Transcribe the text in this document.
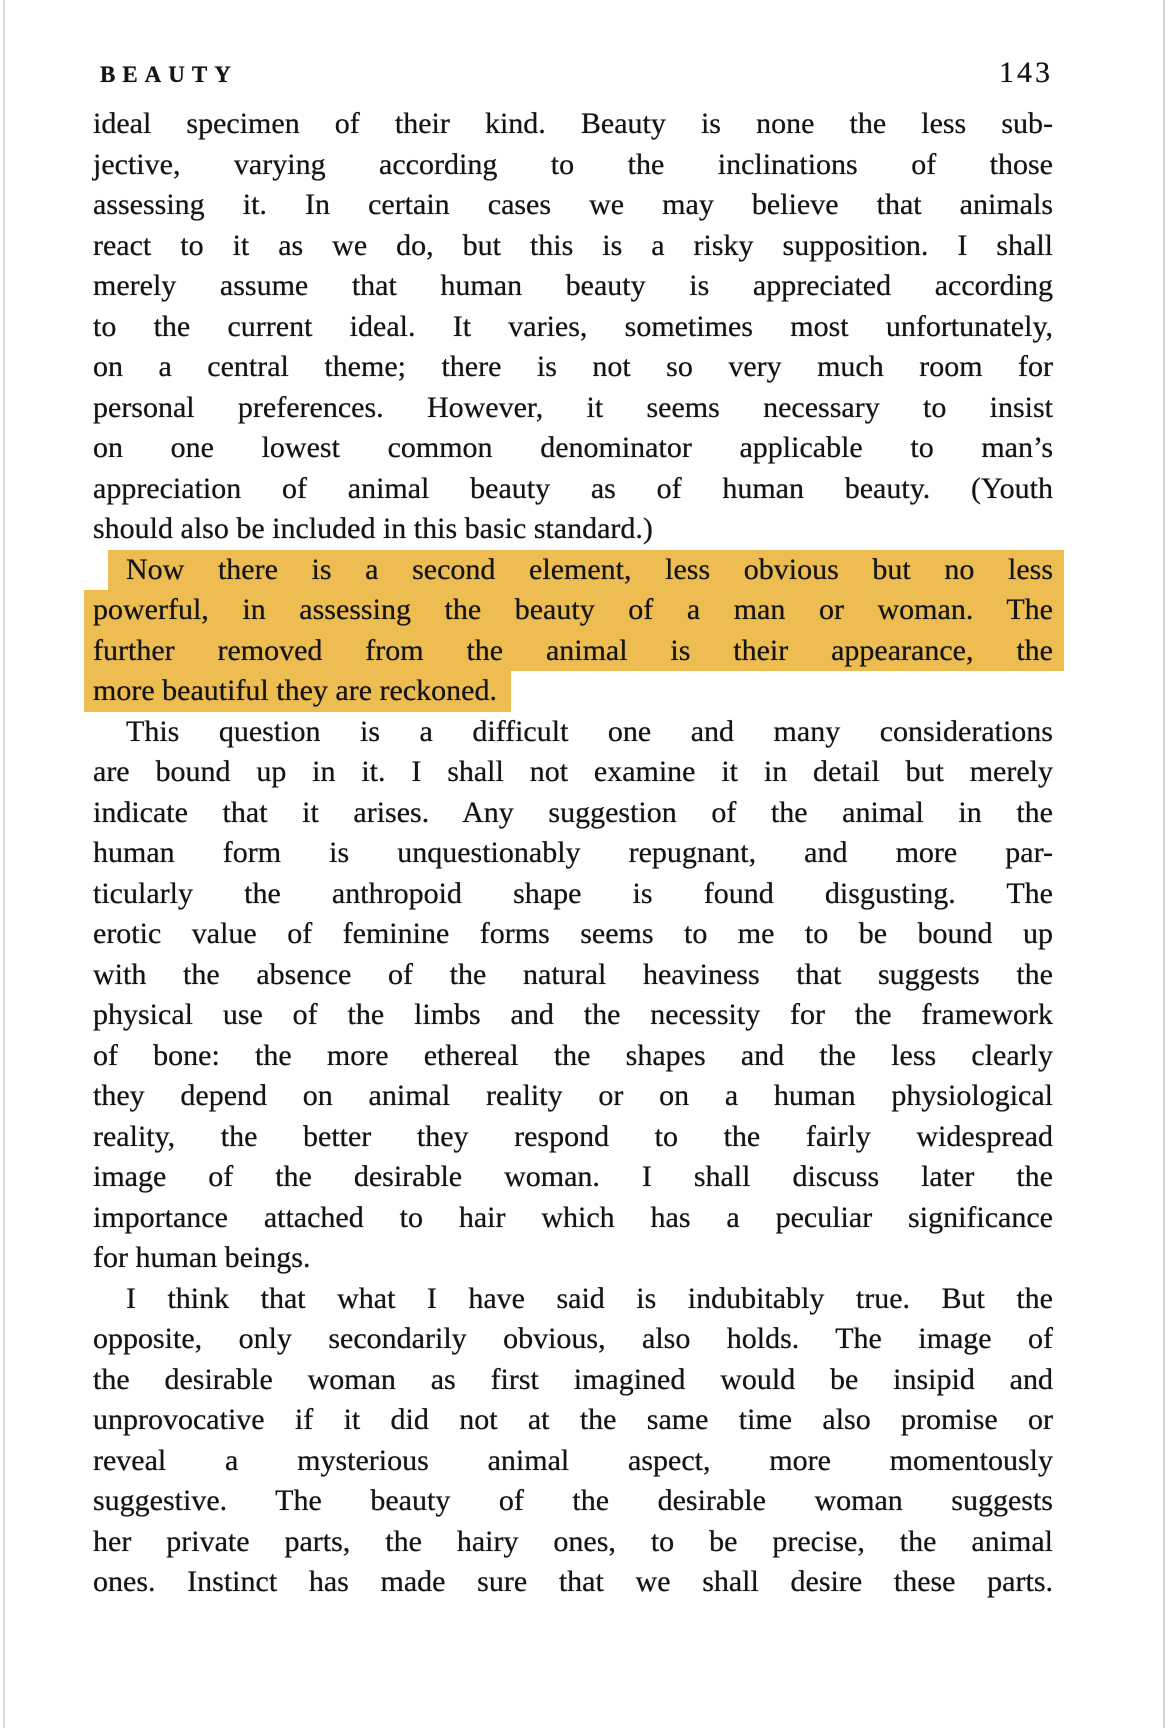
BEAUTY	143
ideal specimen of their kind. Beauty is none the less sub-
jective, varying according to the inclinations of those
assessing it. In certain cases we may believe that animals
react to it as we do, but this is a risky supposition. I shall
merely assume that human beauty is appreciated according
to the current ideal. It varies, sometimes most unfortunately,
on a central theme; there is not so very much room for
personal preferences. However, it seems necessary to insist
on one lowest common denominator applicable to man’s
appreciation of animal beauty as of human beauty. (Youth
should also be included in this basic standard.)
Now there is a second element, less obvious but no less
powerful, in assessing the beauty of a man or woman. The
further removed from the animal is their appearance, the
more beautiful they are reckoned.
This question is a difficult one and many considerations
are bound up in it. I shall not examine it in detail but merely
indicate that it arises. Any suggestion of the animal in the
human form is unquestionably repugnant, and more par-
ticularly the anthropoid shape is found disgusting. The
erotic value of feminine forms seems to me to be bound up
with the absence of the natural heaviness that suggests the
physical use of the limbs and the necessity for the framework
of bone: the more ethereal the shapes and the less clearly
they depend on animal reality or on a human physiological
reality, the better they respond to the fairly widespread
image of the desirable woman. I shall discuss later the
importance attached to hair which has a peculiar significance
for human beings.
I think that what I have said is indubitably true. But the
opposite, only secondarily obvious, also holds. The image of
the desirable woman as first imagined would be insipid and
unprovocative if it did not at the same time also promise or
reveal a mysterious animal aspect, more momentously
suggestive. The beauty of the desirable woman suggests
her private parts, the hairy ones, to be precise, the animal
ones. Instinct has made sure that we shall desire these parts.
